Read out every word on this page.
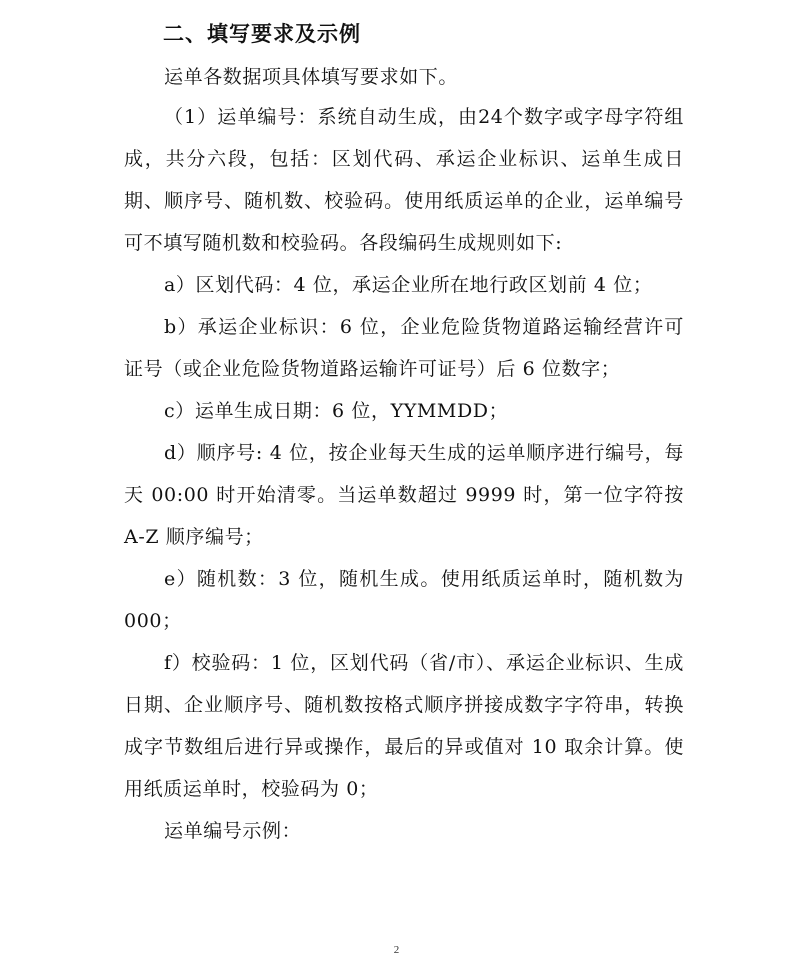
二、填写要求及示例
运单各数据项具体填写要求如下。
（1）运单编号：系统自动生成，由24个数字或字母字符组成，共分六段，包括：区划代码、承运企业标识、运单生成日期、顺序号、随机数、校验码。使用纸质运单的企业，运单编号可不填写随机数和校验码。各段编码生成规则如下:
a）区划代码：4 位，承运企业所在地行政区划前 4 位；
b）承运企业标识：6 位，企业危险货物道路运输经营许可证号（或企业危险货物道路运输许可证号）后 6 位数字；
c）运单生成日期：6 位，YYMMDD；
d）顺序号: 4 位，按企业每天生成的运单顺序进行编号，每天 00:00 时开始清零。当运单数超过 9999 时，第一位字符按 A-Z 顺序编号；
e）随机数：3 位，随机生成。使用纸质运单时，随机数为 000；
f）校验码：1 位，区划代码（省/市）、承运企业标识、生成日期、企业顺序号、随机数按格式顺序拼接成数字字符串，转换成字节数组后进行异或操作，最后的异或值对 10 取余计算。使用纸质运单时，校验码为 0；
运单编号示例：
2
